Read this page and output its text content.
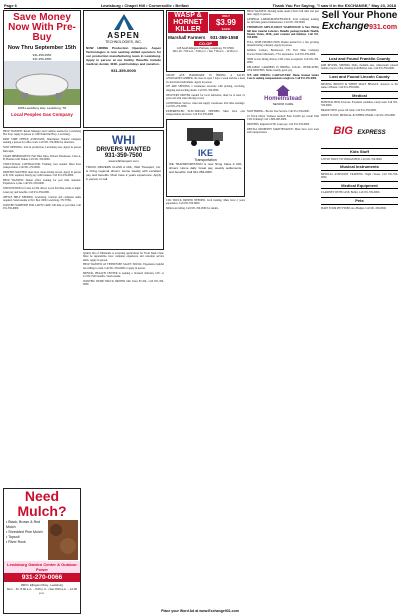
Page 6	Lewisburg • Chapel Hill • Cornersville • Belfast	Thank You For Saying, "I saw it in the EXCHANGE," May 23, 2018
Save Money Now With Pre-Buy
Now Thru September 15th
931-359-2550
931-359-1850
3296 Lewisburg Hwy. Lewisburg, TN
Local Peoples Gas Company

HELP WANTED: Retail Manager and Cashiers needed for Lewisburg Hot Stop. Apply in person at 1100 Nashville Hwy., Lewisburg.

PART TIME OFFICE ASSISTANT, Manchester Natural company seeking a person for office work. Call 931-379-0000 for interview.

NOW OPENING: Jobs in production, Lewisburg area. Apply in person 8am-4pm.

START IMMEDIATELY: Full Time Sales, Drivers Warehouse. Class A, B, Hazmat with Tanker. Call 931-359-0000.

STRUCTURAL CONTRACTOR: Framing crew needed. Must have transportation. Call 931-270-0000.

DRIVERS WANTED, must have clean driving record. Apply in person at B, CDL required, hourly pay with bonuses. Call 931-359-0000.

HELP WANTED: Dental office looking for part time assistant. Experience a plus. Call 931-359-0000.

JOB POSITION for Class A CDL driver. Local full time, home at night. Great pay and benefits. Call 931-359-0000.

OFFICE HELP NEEDED, Lewisburg. Clerical and computer skills required. Send resume to P.O. Box 1000, Lewisburg, TN 37091.

WANTED SOMEONE FOR LAWN CARE, full time or part time. Call 931-359-0000.

Need Mulch?
• Black, Brown & Red Mulch
• Shredded Pine Mulch
• Topsoil
• River Rock
Lewisburg Garden Center & Outdoor Power
931-270-0066
998 N. Ellington Pkwy., Lewisburg
Mon. - Fri. 8:00 a.m. – 5:00 p.m. • Sat. 8:00 a.m. – 12:00 p.m.
ASPEN
TECHNOLOGIES, INC.
NOW HIRING Production Operators. Aspen Technologies is now seeking skilled operators for our production manufacturing team in Lewisburg. Apply in person at our facility. Benefits include medical, dental, 401K, paid holidays and vacation.
931-359-0000
WHI
DRIVERS WANTED
931-359-7500
www.whitransport.com
TRUCK DRIVERS CLASS A CDL, WHI Transport, Inc. is hiring regional drivers. Home weekly with excellent pay and benefits. Must have 2 years experience. Apply in person or call.

Quality Inn of Tullahoma is accepting applications for Front Desk Clerk. Must be dependable, have computer experience and customer service skills. Apply in person.

HELP WANTED AT TENNESSEE SALES TRUCK: Experience helpful but willing to train. Call 931-359-0000 or apply in person.

MENTAL HEALTH CENTER is seeking a licensed clinician, LPC or LCSW. Full benefits. Send resume.

WANTED: DUMP TRUCK DRIVER with Class B CDL. Call 931-359-0000.

WASP & HORNET
KILLER
ONLY
$3.99
EACH
Marshall Farmers	931-359-1558
CO-OP
415 South Ellington Parkway, Lewisburg, TN 37091
Mon.-Fri. 7:00 a.m. - 5:00 p.m. • Sat. 7:00 a.m. - 12:00 p.m.

SATON ACE HARDWARE IS HIRING A SALES ASSOCIATE/CASHIER, the store is open 7 days a week and has a need for motivated individuals. Apply in person.

WE ARE SEEKING a warehouse associate with picking, receiving, shipping and stocking duties. Call 931-359-0000.

DELIVERY DRIVER needed for local deliveries, must be at least 21 years old with clean driving record.

JANITORIAL Service, clean and supply warehouse. Part time evenings. Call 931-270-0000.

EXPERIENCED ELECTRICIAN NEEDED. Must have own transportation and tools. Call 931-359-0000.

IKE
Transportation
IKE TRANSPORTATION is now hiring Class A CDL drivers. Home daily. Great pay, weekly settlements, and benefits. Call 931-359-0000.

CDL TRUCK DRIVER NEEDED, local hauling. Must have 2 years experience. Call 931-359-0000.

Millers are hiring. Call 931-359-0000 for details.

HELP WANTED: Nursing home needs CNA's full time and part time. Apply in person.

GENERAL LABOR/MAINTENANCE, local company looking for full time general maintenance. Call 931-359-0000.

THOMPSON APPLICATION WAREHOUSE is Now Hiring full time General Laborers. Benefits package include: Health, Dental, Vision, 401K, paid vacation and holidays. Call 931-359-0000.

FULL TIME PRODUCTION Worker needed for a fast growing manufacturing company. Apply in person.

Reliable Carriers, Brentwood, TN. Full Time Company Tractor/Trailer Mechanic, 2 Yrs experience. Call 931-359-0000.

SIMS is now hiring drivers, CDL Class A required. Call 931-359-0000.

RELIABLE CARRIERS IS HIRING, LOCAL, DEDICATED, OTR DRIVERS. Home weekly, great pay.

WE ARE HIRING CAREGIVERS! Home Instead Senior Care is seeking compassionate caregivers. Call 931-359-0000.

HomeInstead
SENIOR CARE

NOW HIRING - Brown Tree Service. Call 931-359-0000.

22 Truck Driver Trainees needed! Earn $1,000 per week! Paid CDL Training! Call 1-800-000-0000.

DRIVERS: Regional OTR. Great pay. Call 931-359-0000.

RENTAL PROPERTY MAINTENANCE: Must have own tools and transportation.

Sell Your Phone
Exchange 931.com
Lost and Found Franklin County

KIM RIVERS, MISSING DOG, medium size, whitecream colored female, brown collar, missing from Belfast area. Call 931-359-0000.

Lost and Found Lincoln County

MISSING BROWN & WHITE MALE BEAGLE. Answers to the name of Buster. Call 931-359-0000.

Medical

HOSPITAL BED, Invacare. Excellent condition, rarely used. Call 931-359-0000.

BRAND NEW power lift chair. Call 931-359-0000.

DRIVE SCOOT, MEDICAL & WHEELCHAIR. Call 931-359-0000.

BIG EXPRESS
Kids Stuff

LITTLE TIKES VICTORIAN BED. Call 931-359-0000.

Musical Instruments

MEDICAL ASSISTANT TRAINING. Night classes. Call 931-359-0000.

Medical Equipment

CLARINET WITH CASE, Buffet. Call 931-359-0000.

Pets

HAVE YOUR PET FIXED on a Budget. Call 931-359-0000.

Place your Word Ad at www.Exchange931.com
